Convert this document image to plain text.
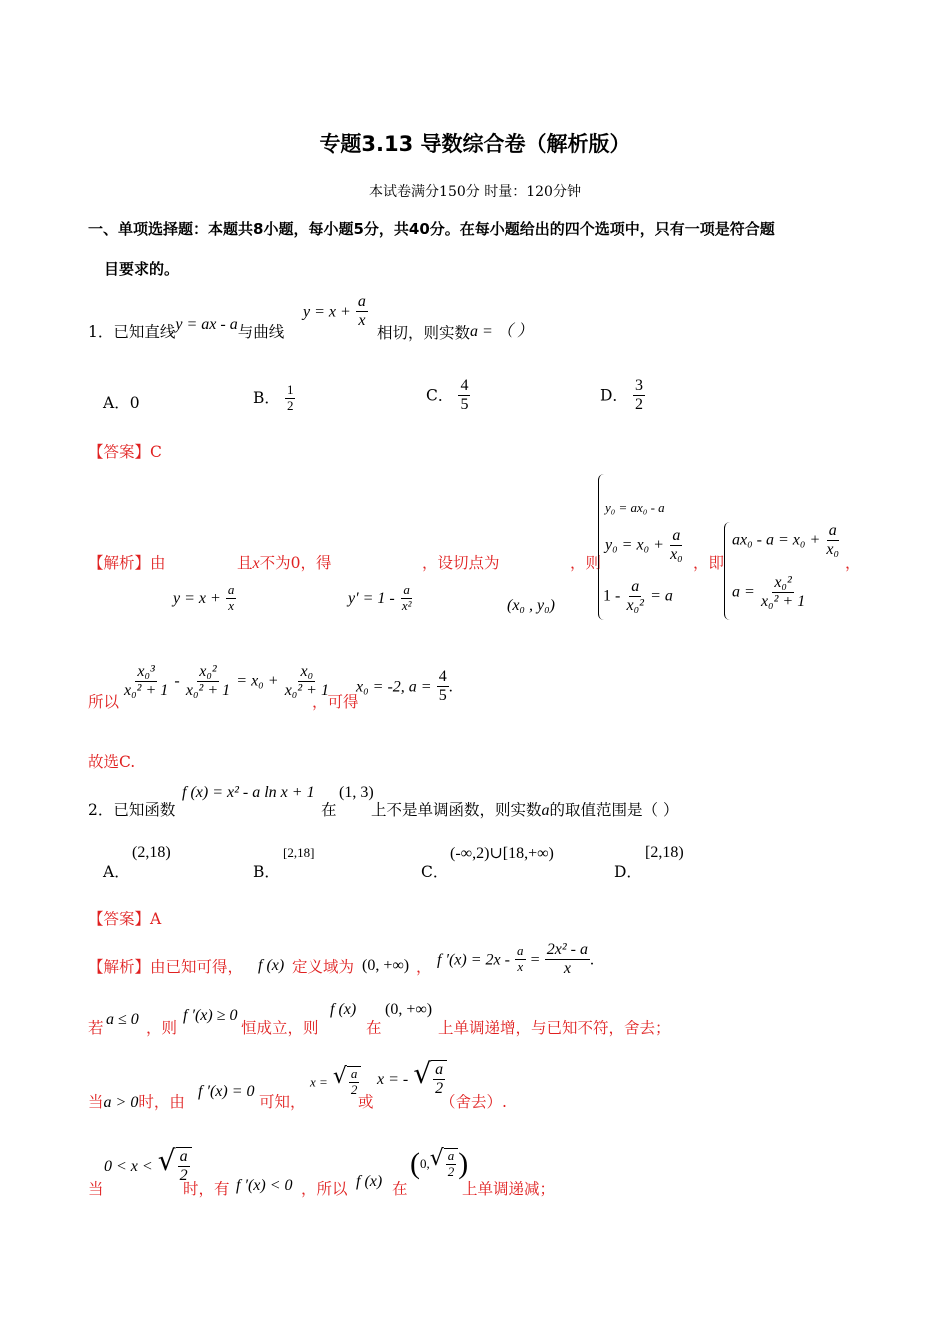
专题3.13 导数综合卷（解析版）
本试卷满分150分 时量：120分钟
一、单项选择题：本题共8小题，每小题5分，共40分。在每小题给出的四个选项中，只有一项是符合题
目要求的。
1．已知直线y = ax - a与曲线
$y = x + \frac{a}{x}$
相切，则实数a = （ ）
A．0	B． $\frac{1}{2}$	C． $\frac{4}{5}$	D． $\frac{3}{2}$
【答案】C
【解析】由	且x不为0，得	，设切点为	，则	，即	，
$y = x + \frac{a}{x}$	$y' = 1 - \frac{a}{\text{x²}}$	(x₀ , y₀)
y₀ = ax₀ - a
$y_0 = x_0 + \frac{a}{\text{x₀}}$
$1 - \frac{a}{\text{x₀²}} = a$
$ax_0 - a = x_0 + \frac{a}{\text{x₀}}$
$a = \frac{\text{x₀²}}{\text{x₀² + 1}}$
所以
$\frac{\text{x₀³}}{\text{x₀² + 1}} - \frac{\text{x₀²}}{\text{x₀² + 1}} = x_0 + \frac{\text{x₀}}{\text{x₀² + 1}}$
，可得
x₀ = -2, $a = \frac{4}{5}$ .
故选C.
2．已知函数
f (x) = x² - a ln x + 1
在
(1, 3)
上不是单调函数，则实数a的取值范围是（ ）
A．
(2,18)
B．
[2,18]
C．
(-∞,2)∪[18,+∞)
D．
[2,18)
【答案】A
【解析】由已知可得， f (x) 定义域为 (0, +∞) ， f $'(x) = 2x - \frac{a}{x} = \frac{\text{2x² - a}}{x}$ .
若 a ≤ 0 ，则
f ′(x) ≥ 0
恒成立，则
f (x)
在
(0, +∞)
上单调递增，与已知不符，舍去；
当a > 0时，由
f ′(x) = 0
可知，
x = √ $\frac{a}{2}$
或
x = - √ $\frac{a}{2}$
（舍去）.
当
0 < x < √ $\frac{a}{2}$
时，有 f ′(x) < 0 ，所以 f (x) 在
(0, √ $\frac{a}{2}$ )
上单调递减；
